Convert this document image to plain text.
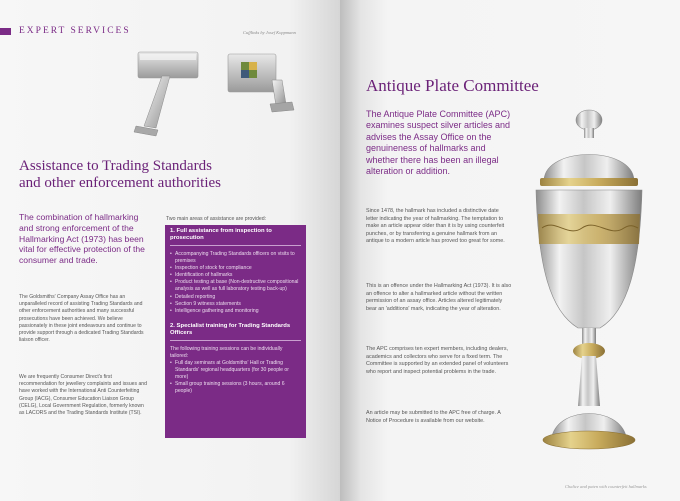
EXPERT SERVICES	Cufflinks by Josef Koppmann
Assistance to Trading Standards
and other enforcement authorities
The combination of hallmarking and strong enforcement of the Hallmarking Act (1973) has been vital for effective protection of the consumer and trade.
The Goldsmiths' Company Assay Office has an unparalleled record of assisting Trading Standards and other enforcement authorities and many successful prosecutions have been achieved. We believe passionately in these joint endeavours and continue to provide support through a dedicated Trading Standards liaison officer.
We are frequently Consumer Direct's first recommendation for jewellery complaints and issues and have worked with the International Anti Counterfeiting Group (IACG), Consumer Education Liaison Group (CELG), Local Government Regulation, formerly known as LACORS and the Trading Standards Institute (TSI).
Two main areas of assistance are provided:
1. Full assistance from inspection to prosecution
• Accompanying Trading Standards officers on visits to premises
• Inspection of stock for compliance
• Identification of hallmarks
• Product testing at base (Non-destructive compositional analysis as well as full laboratory testing back-up)
• Detailed reporting
• Section 9 witness statements
• Intelligence gathering and monitoring
2. Specialist training for Trading Standards Officers
The following training sessions can be individually tailored:
• Full day seminars at Goldsmiths' Hall or Trading Standards' regional headquarters (for 30 people or more)
• Small group training sessions (3 hours, around 6 people)
Antique Plate Committee
The Antique Plate Committee (APC) examines suspect silver articles and advises the Assay Office on the genuineness of hallmarks and whether there has been an illegal alteration or addition.
Since 1478, the hallmark has included a distinctive date letter indicating the year of hallmarking. The temptation to make an article appear older than it is by using counterfeit punches, or by transferring a genuine hallmark from an antique to a modern article has proved too great for some.
This is an offence under the Hallmarking Act (1973). It is also an offence to alter a hallmarked article without the written permission of an assay office. Articles altered legitimately bear an 'additions' mark, indicating the year of alteration.
The APC comprises ten expert members, including dealers, academics and collectors who serve for a fixed term. The Committee is supported by an extended panel of volunteers who report and inspect potential problems in the trade.
An article may be submitted to the APC free of charge. A Notice of Procedure is available from our website.
Chalice and paten with counterfeit hallmarks
